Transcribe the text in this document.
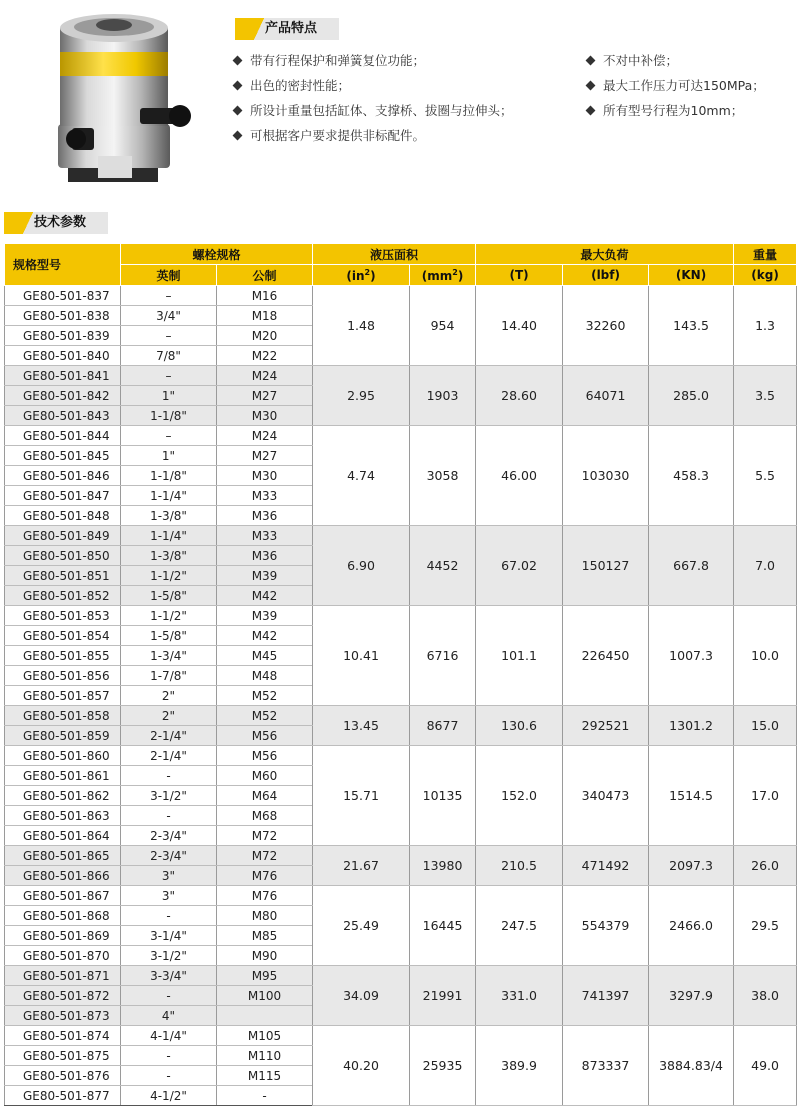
产品特点
带有行程保护和弹簧复位功能；
出色的密封性能；
所设计重量包括缸体、支撑桥、拔圈与拉伸头；
可根据客户要求提供非标配件。
不对中补偿；
最大工作压力可达150MPa；
所有型号行程为10mm；
技术参数
规格型号	螺栓规格		液压面积		最大负荷			重量
	英制	公制	$(in^2)$	$(mm^2)$	(T)	(lbf)	(KN)	(kg)
GE80-501-837	–	M16	1.48	954	14.40	32260	143.5	1.3
GE80-501-838	3/4"	M18						
GE80-501-839	–	M20						
GE80-501-840	7/8"	M22						
GE80-501-841	–	M24	2.95	1903	28.60	64071	285.0	3.5
GE80-501-842	1"	M27						
GE80-501-843	1-1/8"	M30						
GE80-501-844	–	M24	4.74	3058	46.00	103030	458.3	5.5
GE80-501-845	1"	M27						
GE80-501-846	1-1/8"	M30						
GE80-501-847	1-1/4"	M33						
GE80-501-848	1-3/8"	M36						
GE80-501-849	1-1/4"	M33	6.90	4452	67.02	150127	667.8	7.0
GE80-501-850	1-3/8"	M36						
GE80-501-851	1-1/2"	M39						
GE80-501-852	1-5/8"	M42						
GE80-501-853	1-1/2"	M39	10.41	6716	101.1	226450	1007.3	10.0
GE80-501-854	1-5/8"	M42						
GE80-501-855	1-3/4"	M45						
GE80-501-856	1-7/8"	M48						
GE80-501-857	2"	M52						
GE80-501-858	2"	M52	13.45	8677	130.6	292521	1301.2	15.0
GE80-501-859	2-1/4"	M56						
GE80-501-860	2-1/4"	M56	15.71	10135	152.0	340473	1514.5	17.0
GE80-501-861	-	M60						
GE80-501-862	3-1/2"	M64						
GE80-501-863	-	M68						
GE80-501-864	2-3/4"	M72						
GE80-501-865	2-3/4"	M72	21.67	13980	210.5	471492	2097.3	26.0
GE80-501-866	3"	M76						
GE80-501-867	3"	M76	25.49	16445	247.5	554379	2466.0	29.5
GE80-501-868	-	M80						
GE80-501-869	3-1/4"	M85						
GE80-501-870	3-1/2"	M90						
GE80-501-871	3-3/4"	M95	34.09	21991	331.0	741397	3297.9	38.0
GE80-501-872	-	M100						
GE80-501-873	4"							
GE80-501-874	4-1/4"	M105	40.20	25935	389.9	873337	3884.83/4	49.0
GE80-501-875	-	M110						
GE80-501-876	-	M115						
GE80-501-877	4-1/2"	-						
